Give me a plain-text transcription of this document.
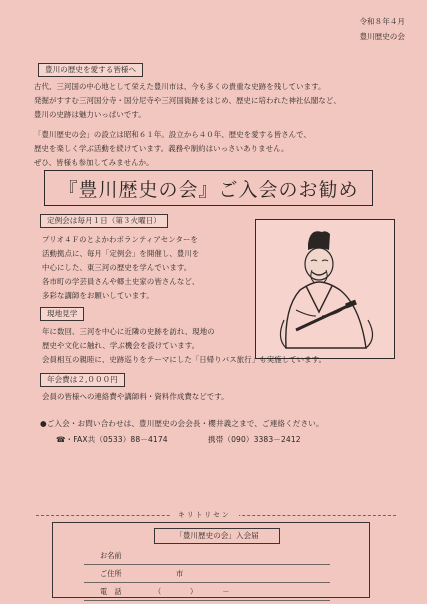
令和８年４月
豊川歴史の会
豊川の歴史を愛する皆様へ
古代、三河国の中心地として栄えた豊川市は、今も多くの貴重な史跡を残しています。
発掘がすすむ三河国分寺・国分尼寺や三河国衙跡をはじめ、歴史に培われた神社仏閣など、
豊川の史跡は魅力いっぱいです。
「豊川歴史の会」の設立は昭和６１年。設立から４０年、歴史を愛する皆さんで、
歴史を楽しく学ぶ活動を続けています。義務や制約はいっさいありません。
ぜひ、皆様も参加してみませんか。
『豊川歴史の会』ご入会のお勧め
定例会は毎月１日（第３火曜日）
プリオ４Ｆのとよかわボランティアセンターを
活動拠点に、毎月「定例会」を開催し、豊川を
中心にした、東三河の歴史を学んでいます。
各市町の学芸員さんや郷土史家の皆さんなど、
多彩な講師をお願いしています。
現地見学
年に数回、三河を中心に近隣の史跡を訪れ、現地の
歴史や文化に触れ、学ぶ機会を設けています。
会員相互の親睦に、史跡巡りをテーマにした「日帰りバス旅行」も実施しています。
年会費は２,０００円
会員の皆様への連絡費や講師料・資料作成費などです。
●ご入会・お問い合わせは、豊川歴史の会会長・櫻井義之まで、ご連絡ください。
☎・FAX共（0533）88－4174	携帯（090）3383－2412
キリトリセン
「豊川歴史の会」入会届
お名前
ご住所	市
電　話	（　　　　）　　　　－
